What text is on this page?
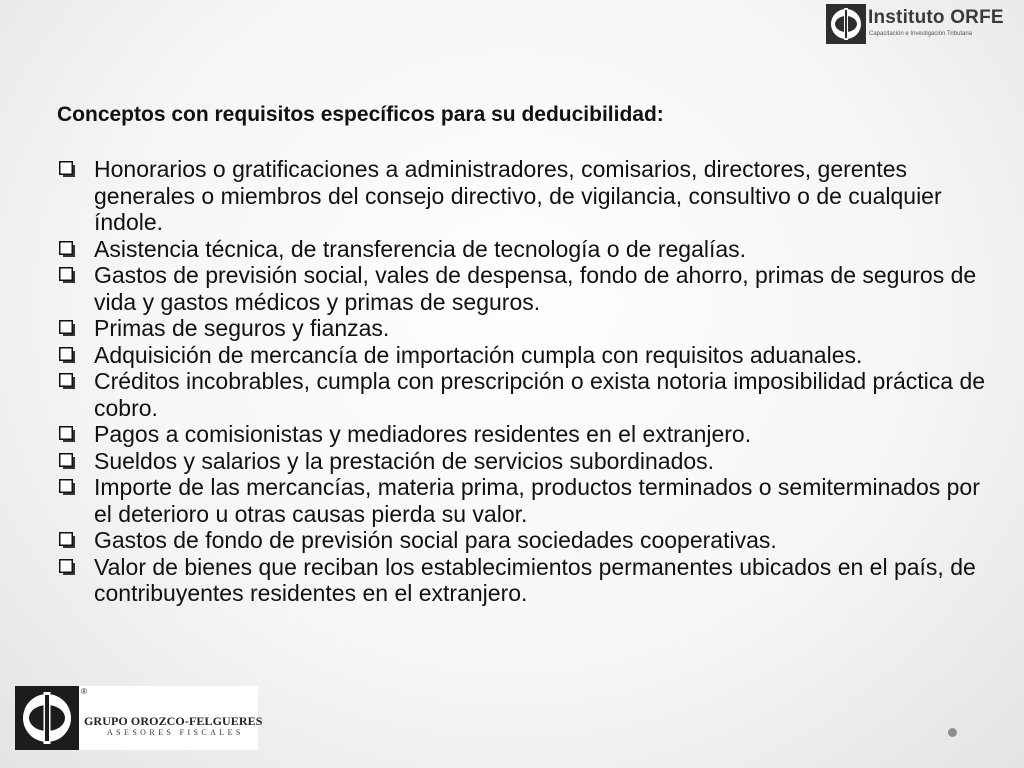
Instituto ORFE
Capacitación e Investigación Tributaria
Conceptos con requisitos específicos para su deducibilidad:
Honorarios o gratificaciones a administradores, comisarios, directores, gerentes generales o miembros del consejo directivo, de vigilancia, consultivo o de cualquier índole.
Asistencia técnica, de transferencia de tecnología o de regalías.
Gastos de previsión social, vales de despensa, fondo de ahorro, primas de seguros de vida y gastos médicos y primas de seguros.
Primas de seguros y fianzas.
Adquisición de mercancía de importación cumpla con requisitos aduanales.
Créditos incobrables, cumpla con prescripción o exista notoria imposibilidad práctica de cobro.
Pagos a comisionistas y mediadores residentes en el extranjero.
Sueldos y salarios y la prestación de servicios subordinados.
Importe de las mercancías, materia prima, productos terminados o semiterminados por el deterioro u otras causas pierda su valor.
Gastos de fondo de previsión social para sociedades cooperativas.
Valor de bienes que reciban los establecimientos permanentes ubicados en el país, de contribuyentes residentes en el extranjero.
®
GRUPO OROZCO-FELGUERES
ASESORES FISCALES
